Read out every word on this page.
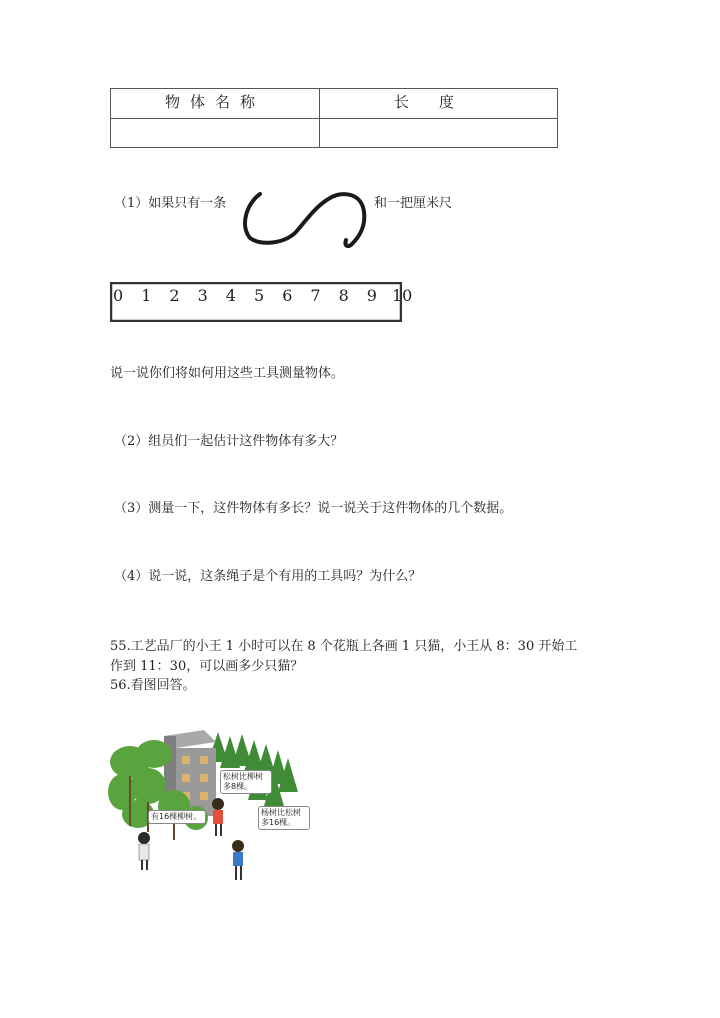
物体名称	长度
（1）如果只有一条	和一把厘米尺
0 1 2 3 4 5 6 7 8 9 10
说一说你们将如何用这些工具测量物体。
（2）组员们一起估计这件物体有多大？
（3）测量一下，这件物体有多长？说一说关于这件物体的几个数据。
（4）说一说，这条绳子是个有用的工具吗？为什么？
55.工艺品厂的小王 1 小时可以在 8 个花瓶上各画 1 只猫，小王从 8：30 开始工
作到 11：30，可以画多少只猫？
56.看图回答。
松树比柳树多8棵。
有16棵柳树。	杨树比松树多16棵。
